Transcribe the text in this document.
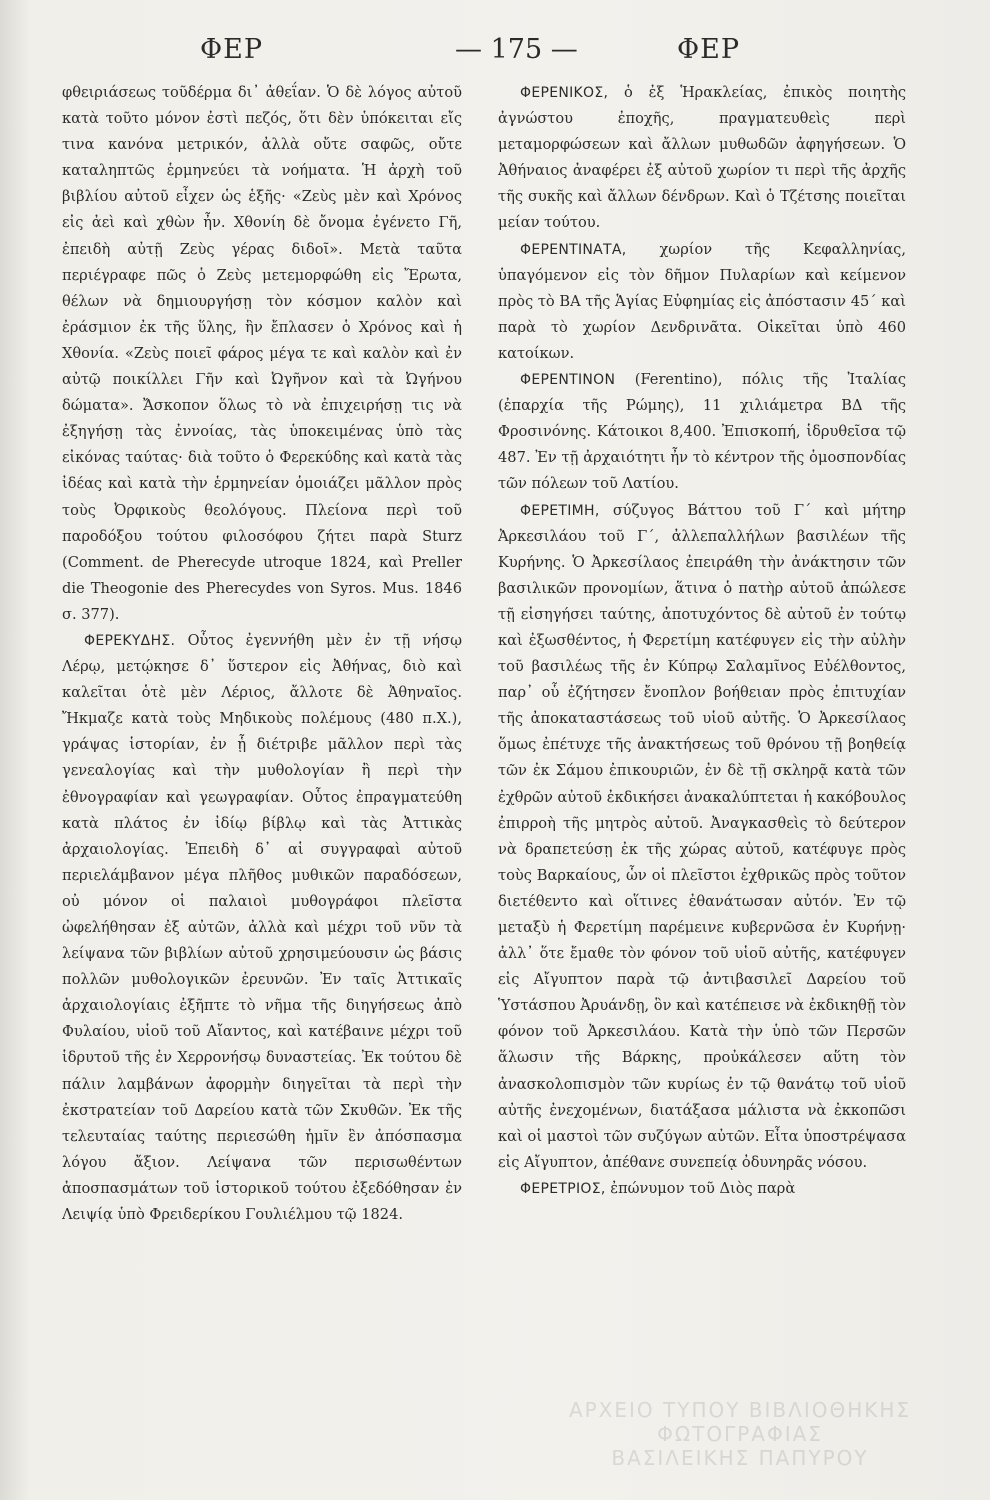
ΦΕΡ	— 175 —	ΦΕΡ

φθειριάσεως τοῦδέρμα δι᾽ ἀθεΐαν. Ὁ δὲ λόγος αὐτοῦ κατὰ τοῦτο μόνον ἐστὶ πεζός, ὅτι δὲν ὑπόκειται εἴς τινα κανόνα μετρικόν, ἀλλὰ οὔτε σαφῶς, οὔτε καταληπτῶς ἑρμηνεύει τὰ νοήματα. Ἡ ἀρχὴ τοῦ βιβλίου αὐτοῦ εἶχεν ὡς ἑξῆς· «Ζεὺς μὲν καὶ Χρόνος εἰς ἀεὶ καὶ χθὼν ἦν. Χθονίη δὲ ὄνομα ἐγένετο Γῆ, ἐπειδὴ αὐτῇ Ζεὺς γέρας διδοῖ». Μετὰ ταῦτα περιέγραφε πῶς ὁ Ζεὺς μετεμορφώθη εἰς Ἔρωτα, θέλων νὰ δημιουργήσῃ τὸν κόσμον καλὸν καὶ ἐράσμιον ἐκ τῆς ὕλης, ἣν ἔπλασεν ὁ Χρόνος καὶ ἡ Χθονία. «Ζεὺς ποιεῖ φάρος μέγα τε καὶ καλὸν καὶ ἐν αὐτῷ ποικίλλει Γῆν καὶ Ὠγῆνον καὶ τὰ Ὠγήνου δώματα». Ἄσκοπον ὅλως τὸ νὰ ἐπιχειρήσῃ τις νὰ ἐξηγήσῃ τὰς ἐννοίας, τὰς ὑποκειμένας ὑπὸ τὰς εἰκόνας ταύτας· διὰ τοῦτο ὁ Φερεκύδης καὶ κατὰ τὰς ἰδέας καὶ κατὰ τὴν ἑρμηνείαν ὁμοιάζει μᾶλλον πρὸς τοὺς Ὀρφικοὺς θεολόγους. Πλείονα περὶ τοῦ παροδόξου τούτου φιλοσόφου ζήτει παρὰ Sturz (Comment. de Pherecyde utroque 1824, καὶ Preller die Theogonie des Pherecydes von Syros. Mus. 1846 σ. 377).

ΦΕΡΕΚΥΔΗΣ. Οὗτος ἐγεννήθη μὲν ἐν τῇ νήσῳ Λέρῳ, μετῴκησε δ᾽ ὕστερον εἰς Ἀθήνας, διὸ καὶ καλεῖται ὁτὲ μὲν Λέριος, ἄλλοτε δὲ Ἀθηναῖος. Ἤκμαζε κατὰ τοὺς Μηδικοὺς πολέμους (480 π.Χ.), γράψας ἱστορίαν, ἐν ᾗ διέτριβε μᾶλλον περὶ τὰς γενεαλογίας καὶ τὴν μυθολογίαν ἢ περὶ τὴν ἐθνογραφίαν καὶ γεωγραφίαν. Οὗτος ἐπραγματεύθη κατὰ πλάτος ἐν ἰδίῳ βίβλῳ καὶ τὰς Ἀττικὰς ἀρχαιολογίας. Ἐπειδὴ δ᾽ αἱ συγγραφαὶ αὐτοῦ περιελάμβανον μέγα πλῆθος μυθικῶν παραδόσεων, οὐ μόνον οἱ παλαιοὶ μυθογράφοι πλεῖστα ὠφελήθησαν ἐξ αὐτῶν, ἀλλὰ καὶ μέχρι τοῦ νῦν τὰ λείψανα τῶν βιβλίων αὐτοῦ χρησιμεύουσιν ὡς βάσις πολλῶν μυθολογικῶν ἐρευνῶν. Ἐν ταῖς Ἀττικαῖς ἀρχαιολογίαις ἐξῆπτε τὸ νῆμα τῆς διηγήσεως ἀπὸ Φυλαίου, υἱοῦ τοῦ Αἴαντος, καὶ κατέβαινε μέχρι τοῦ ἱδρυτοῦ τῆς ἐν Χερρονήσῳ δυναστείας. Ἐκ τούτου δὲ πάλιν λαμβάνων ἀφορμὴν διηγεῖται τὰ περὶ τὴν ἐκστρατείαν τοῦ Δαρείου κατὰ τῶν Σκυθῶν. Ἐκ τῆς τελευταίας ταύτης περιεσώθη ἡμῖν ἓν ἀπόσπασμα λόγου ἄξιον. Λείψανα τῶν περισωθέντων ἀποσπασμάτων τοῦ ἱστορικοῦ τούτου ἐξεδόθησαν ἐν Λειψίᾳ ὑπὸ Φρειδερίκου Γουλιέλμου τῷ 1824.

ΦΕΡΕΝΙΚΟΣ, ὁ ἐξ Ἡρακλείας, ἐπικὸς ποιητὴς ἀγνώστου ἐποχῆς, πραγματευθεὶς περὶ μεταμορφώσεων καὶ ἄλλων μυθωδῶν ἀφηγήσεων. Ὁ Ἀθήναιος ἀναφέρει ἐξ αὐτοῦ χωρίον τι περὶ τῆς ἀρχῆς τῆς συκῆς καὶ ἄλλων δένδρων. Καὶ ὁ Τζέτσης ποιεῖται μείαν τούτου.

ΦΕΡΕΝΤΙΝΑΤΑ, χωρίον τῆς Κεφαλληνίας, ὑπαγόμενον εἰς τὸν δῆμον Πυλαρίων καὶ κείμενον πρὸς τὸ ΒΑ τῆς Ἁγίας Εὐφημίας εἰς ἀπόστασιν 45΄ καὶ παρὰ τὸ χωρίον Δενδρινᾶτα. Οἰκεῖται ὑπὸ 460 κατοίκων.

ΦΕΡΕΝΤΙΝΟΝ (Ferentino), πόλις τῆς Ἰταλίας (ἐπαρχία τῆς Ρώμης), 11 χιλιάμετρα ΒΔ τῆς Φροσινόνης. Κάτοικοι 8,400. Ἐπισκοπή, ἱδρυθεῖσα τῷ 487. Ἐν τῇ ἀρχαιότητι ἦν τὸ κέντρον τῆς ὁμοσπονδίας τῶν πόλεων τοῦ Λατίου.

ΦΕΡΕΤΙΜΗ, σύζυγος Βάττου τοῦ Γ΄ καὶ μήτηρ Ἀρκεσιλάου τοῦ Γ΄, ἀλλεπαλλήλων βασιλέων τῆς Κυρήνης. Ὁ Ἀρκεσίλαος ἐπειράθη τὴν ἀνάκτησιν τῶν βασιλικῶν προνομίων, ἅτινα ὁ πατὴρ αὐτοῦ ἀπώλεσε τῇ εἰσηγήσει ταύτης, ἀποτυχόντος δὲ αὐτοῦ ἐν τούτῳ καὶ ἐξωσθέντος, ἡ Φερετίμη κατέφυγεν εἰς τὴν αὐλὴν τοῦ βασιλέως τῆς ἐν Κύπρῳ Σαλαμῖνος Εὐέλθοντος, παρ᾽ οὗ ἐζήτησεν ἔνοπλον βοήθειαν πρὸς ἐπιτυχίαν τῆς ἀποκαταστάσεως τοῦ υἱοῦ αὐτῆς. Ὁ Ἀρκεσίλαος ὅμως ἐπέτυχε τῆς ἀνακτήσεως τοῦ θρόνου τῇ βοηθείᾳ τῶν ἐκ Σάμου ἐπικουριῶν, ἐν δὲ τῇ σκληρᾷ κατὰ τῶν ἐχθρῶν αὐτοῦ ἐκδικήσει ἀνακαλύπτεται ἡ κακόβουλος ἐπιρροὴ τῆς μητρὸς αὐτοῦ. Ἀναγκασθεὶς τὸ δεύτερον νὰ δραπετεύσῃ ἐκ τῆς χώρας αὐτοῦ, κατέφυγε πρὸς τοὺς Βαρκαίους, ὧν οἱ πλεῖστοι ἐχθρικῶς πρὸς τοῦτον διετέθεντο καὶ οἵτινες ἐθανάτωσαν αὐτόν. Ἐν τῷ μεταξὺ ἡ Φερετίμη παρέμεινε κυβερνῶσα ἐν Κυρήνῃ· ἀλλ᾽ ὅτε ἔμαθε τὸν φόνον τοῦ υἱοῦ αὐτῆς, κατέφυγεν εἰς Αἴγυπτον παρὰ τῷ ἀντιβασιλεῖ Δαρείου τοῦ Ὑστάσπου Ἀρυάνδῃ, ὃν καὶ κατέπεισε νὰ ἐκδικηθῇ τὸν φόνον τοῦ Ἀρκεσιλάου. Κατὰ τὴν ὑπὸ τῶν Περσῶν ἅλωσιν τῆς Βάρκης, προὐκάλεσεν αὕτη τὸν ἀνασκολοπισμὸν τῶν κυρίως ἐν τῷ θανάτῳ τοῦ υἱοῦ αὐτῆς ἐνεχομένων, διατάξασα μάλιστα νὰ ἐκκοπῶσι καὶ οἱ μαστοὶ τῶν συζύγων αὐτῶν. Εἶτα ὑποστρέψασα εἰς Αἴγυπτον, ἀπέθανε συνεπείᾳ ὀδυνηρᾶς νόσου.

ΦΕΡΕΤΡΙΟΣ, ἐπώνυμον τοῦ Διὸς παρὰ

ΑΡΧΕΙΟ ΤΥΠΟΥ ΒΙΒΛΙΟΘΗΚΗΣ ΦΩΤΟΓΡΑΦΙΑΣ
ΒΑΣΙΛΕΙΚΗΣ ΠΑΠΥΡΟΥ
